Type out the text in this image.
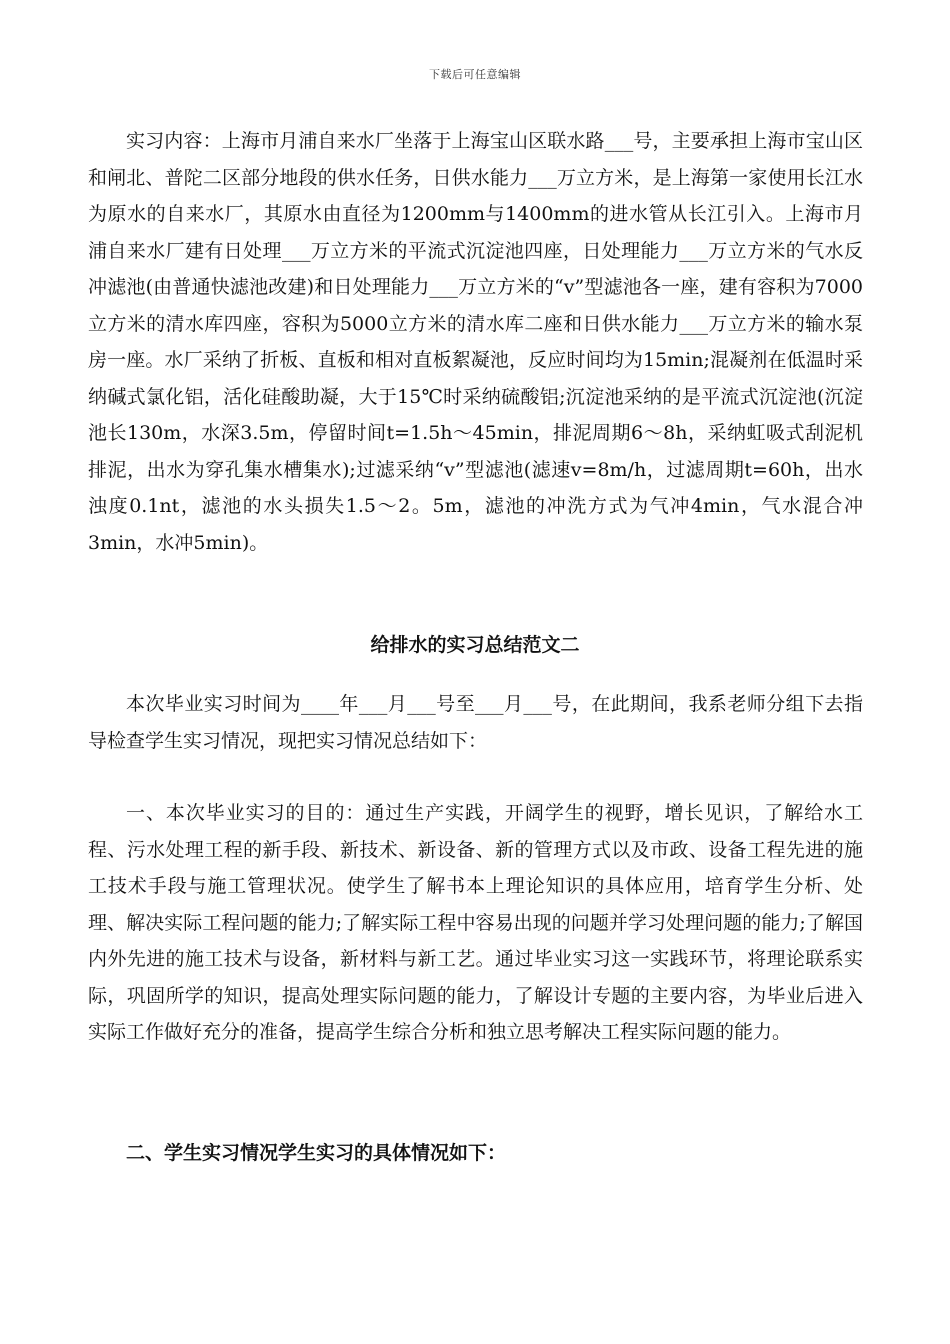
下载后可任意编辑

实习内容：上海市月浦自来水厂坐落于上海宝山区联水路___号，主要承担上海市宝山区和闸北、普陀二区部分地段的供水任务，日供水能力___万立方米，是上海第一家使用长江水为原水的自来水厂，其原水由直径为1200mm与1400mm的进水管从长江引入。上海市月浦自来水厂建有日处理___万立方米的平流式沉淀池四座，日处理能力___万立方米的气水反冲滤池(由普通快滤池改建)和日处理能力___万立方米的“v”型滤池各一座，建有容积为7000立方米的清水库四座，容积为5000立方米的清水库二座和日供水能力___万立方米的输水泵房一座。水厂采纳了折板、直板和相对直板絮凝池，反应时间均为15min;混凝剂在低温时采纳碱式氯化铝，活化硅酸助凝，大于15℃时采纳硫酸铝;沉淀池采纳的是平流式沉淀池(沉淀池长130m，水深3.5m，停留时间t=1.5h～45min，排泥周期6～8h，采纳虹吸式刮泥机排泥，出水为穿孔集水槽集水);过滤采纳“v”型滤池(滤速v=8m/h，过滤周期t=60h，出水浊度0.1nt，滤池的水头损失1.5～2。5m，滤池的冲洗方式为气冲4min，气水混合冲3min，水冲5min)。

给排水的实习总结范文二

本次毕业实习时间为____年___月___号至___月___号，在此期间，我系老师分组下去指导检查学生实习情况，现把实习情况总结如下：

一、本次毕业实习的目的：通过生产实践，开阔学生的视野，增长见识，了解给水工程、污水处理工程的新手段、新技术、新设备、新的管理方式以及市政、设备工程先进的施工技术手段与施工管理状况。使学生了解书本上理论知识的具体应用，培育学生分析、处理、解决实际工程问题的能力;了解实际工程中容易出现的问题并学习处理问题的能力;了解国内外先进的施工技术与设备，新材料与新工艺。通过毕业实习这一实践环节，将理论联系实际，巩固所学的知识，提高处理实际问题的能力，了解设计专题的主要内容，为毕业后进入实际工作做好充分的准备，提高学生综合分析和独立思考解决工程实际问题的能力。

二、学生实习情况学生实习的具体情况如下：
